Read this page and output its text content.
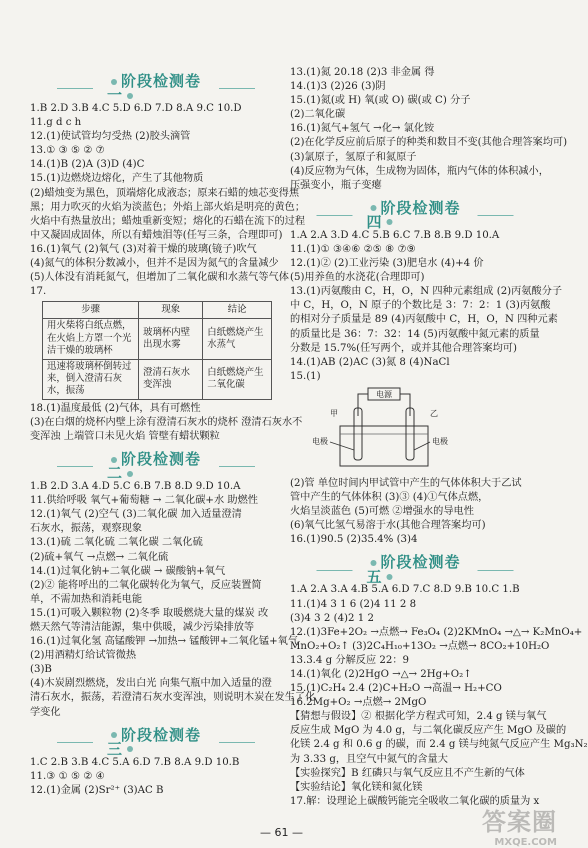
阶段检测卷一
1.B 2.D 3.B 4.C 5.D 6.D 7.D 8.A 9.C 10.D
11.g d c h
12.(1)使试管均匀受热 (2)胶头滴管
13.① ③ ⑤ ② ⑦
14.(1)B (2)A (3)D (4)C
15.(1)边燃烧边熔化，产生了其他物质
(2)蜡烛变为黑色，顶端熔化成液态；原来石蜡的烛芯变得焦
黑；用力吹灭的火焰为淡蓝色；外焰上部火焰是明亮的黄色；
火焰中有热量放出；蜡烛重新变短；熔化的石蜡在流下的过程
中又凝固成固体，所以有蜡烛泪等(任写三条，合理即可)
16.(1)氧气 (2)氧气 (3)对着干燥的玻璃(镜子)吹气
(4)氮气的体积分数减小，但并不是因为氮气的含量减少
(5)人体没有消耗氮气，但增加了二氧化碳和水蒸气等气体
17.
步骤	现象	结论
用火柴将白纸点燃，在火焰上方罩一个光洁干燥的玻璃杯	玻璃杯内壁出现水雾	白纸燃烧产生水蒸气
迅速将玻璃杯倒转过来，倒入澄清石灰水，振荡	澄清石灰水变浑浊	白纸燃烧产生二氧化碳
18.(1)温度最低 (2)气体，具有可燃性
(3)在白烟的烧杯内壁上涂有澄清石灰水的烧杯 澄清石灰水不
变浑浊 上端管口未见火焰 管壁有蜡状颗粒
阶段检测卷二
1.B 2.D 3.A 4.D 5.C 6.B 7.B 8.D 9.D 10.A
11.供给呼吸 氧气+葡萄糖 → 二氧化碳+水 助燃性
12.(1)氧气 (2)空气 (3)二氧化碳 加入适量澄清
石灰水，振荡，观察现象
13.(1)硫 二氧化硫 二氧化碳 二氧化硫
(2)硫+氧气 →点燃→ 二氧化硫
14.(1)过氧化钠+二氧化碳 → 碳酸钠+氧气
(2)② 能将呼出的二氧化碳转化为氧气，反应装置简
单，不需加热和消耗电能
15.(1)可吸入颗粒物 (2)冬季 取暖燃烧大量的煤炭 改
燃天然气等清洁能源，集中供暖，减少污染排放等
16.(1)过氧化氢 高锰酸钾 →加热→ 锰酸钾+二氧化锰+氧气
(2)用酒精灯给试管微热
(3)B
(4)木炭剧烈燃烧，发出白光 向集气瓶中加入适量的澄
清石灰水，振荡，若澄清石灰水变浑浊，则说明木炭在发生了化
学变化
阶段检测卷三
1.C 2.B 3.B 4.C 5.A 6.D 7.B 8.A 9.D 10.B
11.③ ① ⑤ ② ④
12.(1)金属 (2)Sr²⁺ (3)AC B
13.(1)氮 20.18 (2)3 非金属 得
14.(1)3 (2)26 (3)阴
15.(1)氮(或 H) 氧(或 O) 碳(或 C) 分子
(2)二氧化碳
16.(1)氮气+氢气 →化→ 氯化铵
(2)在化学反应前后原子的种类和数目不变(其他合理答案均可)
(3)氯原子，氢原子和氮原子
(4)反应物为气体，生成物为固体，瓶内气体的体积减小，
压强变小，瓶子变瘪
阶段检测卷四
1.A 2.A 3.D 4.C 5.B 6.C 7.B 8.B 9.D 10.A
11.(1)① ③④⑥ ②⑤ ⑧ ⑦⑨
12.(1)② (2)工业污染 (3)肥皂水 (4)+4 价
(5)用养鱼的水浇花(合理即可)
13.(1)丙氨酸由 C，H，O，N 四种元素组成 (2)丙氨酸分子
中 C，H，O，N 原子的个数比是 3：7：2：1 (3)丙氨酸
的相对分子质量是 89 (4)丙氨酸中 C，H，O，N 四种元素
的质量比是 36：7：32：14 (5)丙氨酸中氮元素的质量
分数是 15.7%(任写两个，或并其他合理答案均可)
14.(1)AB (2)AC (3)氮 8 (4)NaCl
15.(1)
电源
甲	乙
电极	电极
(2)管 单位时间内甲试管中产生的气体体积大于乙试
管中产生的气体体积 (3)③ (4)①气体点燃，
火焰呈淡蓝色 (5)可燃 ②增强水的导电性
(6)氧气比氢气易溶于水(其他合理答案均可)
16.(1)90.5 (2)35.4% (3)4
阶段检测卷五
1.A 2.A 3.A 4.B 5.A 6.D 7.C 8.D 9.B 10.C 1.B
11.(1)4 3 1 6 (2)4 11 2 8
(3)4 3 2 (4)2 1 2
12.(1)3Fe+2O₂ →点燃→ Fe₃O₄ (2)2KMnO₄ →△→ K₂MnO₄+
MnO₂+O₂↑ (3)2C₄H₁₀+13O₂ →点燃→ 8CO₂+10H₂O
13.3.4 g 分解反应 22：9
14.(1)氧化 (2)2HgO →△→ 2Hg+O₂↑
15.(1)C₂H₄ 2.4 (2)C+H₂O →高温→ H₂+CO
16.2Mg+O₂ →点燃→ 2MgO
【猜想与假设】② 根据化学方程式可知，2.4 g 镁与氧气
反应生成 MgO 为 4.0 g，与二氧化碳反应产生 MgO 及碳的
化镁 2.4 g 和 0.6 g 的碳，而 2.4 g 镁与纯氮气反应产生 Mg₃N₂
为 3.33 g，且空气中氮气的含量大
【实验探究】B 红磷只与氧气反应且不产生新的气体
【实验结论】氧化镁和氮化镁
17.解：设理论上碳酸钙能完全吸收二氧化碳的质量为 x
— 61 —	答案圈
MXQE.COM
